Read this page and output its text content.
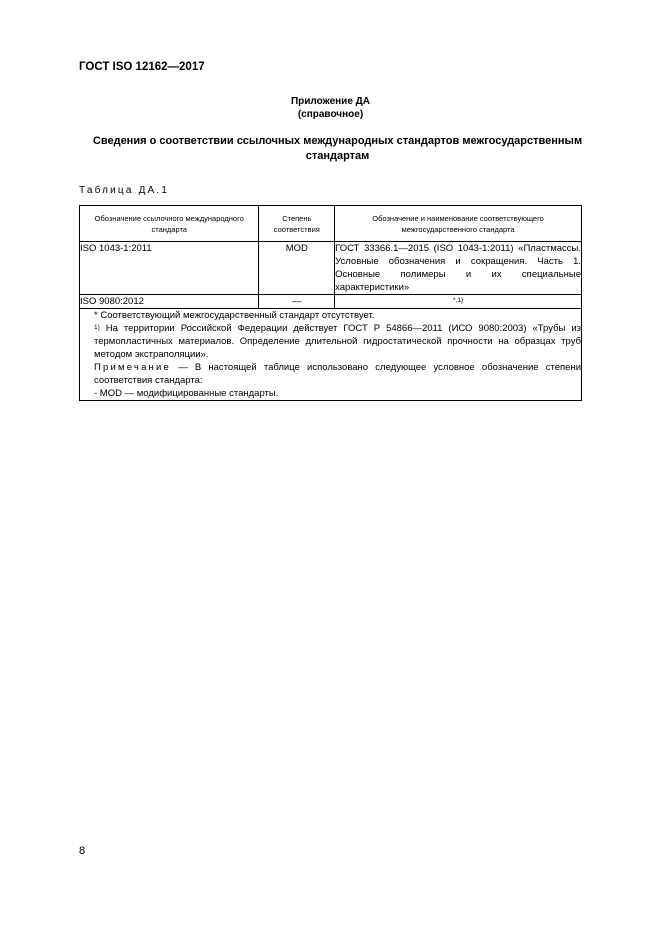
ГОСТ ISO 12162—2017
Приложение ДА
(справочное)
Сведения о соответствии ссылочных международных стандартов межгосударственным стандартам
Таблица ДА.1
Обозначение ссылочного международного стандарта	Степень соответствия	Обозначение и наименование соответствующего межгосударственного стандарта
ISO 1043-1:2011	MOD	ГОСТ 33366.1—2015 (ISO 1043-1:2011) «Пластмассы. Условные обозначения и сокращения. Часть 1. Основные полимеры и их специальные характеристики»
ISO 9080:2012	—	$^{*,1)}$

* Соответствующий межгосударственный стандарт отсутствует.
$^{1)}$ На территории Российской Федерации действует ГОСТ Р 54866—2011 (ИСО 9080:2003) «Трубы из термопластичных материалов. Определение длительной гидростатической прочности на образцах труб методом экстраполяции».
Примечание — В настоящей таблице использовано следующее условное обозначение степени соответствия стандарта:
- MOD — модифицированные стандарты.		
8
